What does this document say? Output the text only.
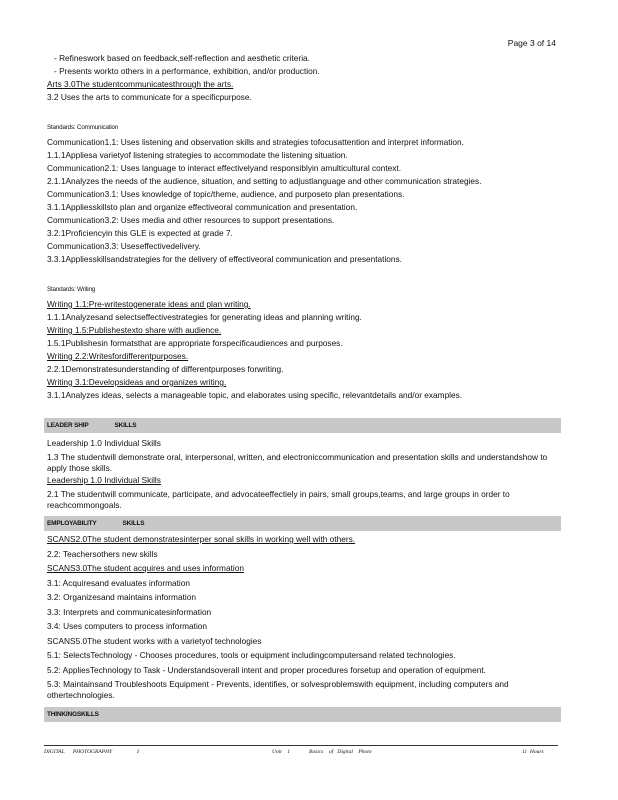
Page 3 of 14
- Refineswork based on feedback,self-reflection and aesthetic criteria.
- Presents workto others in a performance, exhibition, and/or production.
Arts 3.0The studentcommunicatesthrough the arts.
3.2 Uses the arts to communicate for a specificpurpose.
Standards: Communication
Communication1.1: Uses listening and observation skills and strategies tofocusattention and interpret information.
1.1.1Appliesa varietyof listening strategies to accommodate the listening situation.
Communication2.1: Uses language to interact effectivelyand responsiblyin amulticultural context.
2.1.1Analyzes the needs of the audience, situation, and setting to adjustlanguage and other communication strategies.
Communication3.1: Uses knowledge of topic/theme, audience, and purposeto plan presentations.
3.1.1Appliesskillsto plan and organize effectiveoral communication and presentation.
Communication3.2: Uses media and other resources to support presentations.
3.2.1Proficiencyin this GLE is expected at grade 7.
Communication3.3: Useseffectivedelivery.
3.3.1Appliesskillsandstrategies for the delivery of effectiveoral communication and presentations.
Standards: Writing
Writing 1.1:Pre-writestogenerate ideas and plan writing.
1.1.1Analyzesand selectseffectivestrategies for generating ideas and planning writing.
Writing 1.5:Publishestexto share with audience.
1.5.1Publishesin formatsthat are appropriate forspecificaudiences and purposes.
Writing 2.2:Writesfordifferentpurposes.
2.2.1Demonstratesunderstanding of differentpurposes forwriting.
Writing 3.1:Developsideas and organizes writing.
3.1.1Analyzes ideas, selects a manageable topic, and elaborates using specific, relevantdetails and/or examples.
LEADER SHIP	SKILLS
Leadership 1.0 Individual Skills
1.3 The studentwill demonstrate oral, interpersonal, written, and electroniccommunication and presentation skills and understandshow to apply those skills.
Leadership 1.0 Individual Skills
2.1 The studentwill communicate, participate, and advocateeffectiely in pairs, small groups,teams, and large groups in order to reachcommongoals.
EMPLOYABILITY	SKILLS
SCANS2.0The student demonstratesinterper sonal skills in working well with others.
2.2: Teachersothers new skills
SCANS3.0The student acquires and uses information
3.1: Acquiresand evaluates information
3.2: Organizesand maintains information
3.3: Interprets and communicatesinformation
3.4: Uses computers to process information
SCANS5.0The student works with a varietyof technologies
5.1: SelectsTechnology - Chooses procedures, tools or equipment includingcomputersand related technologies.
5.2: AppliesTechnology to Task - Understandsoverall intent and proper procedures forsetup and operation of equipment.
5.3: Maintainsand Troubleshoots Equipment - Prevents, identifies, or solvesproblemswith equipment, including computers and othertechnologies.
THINKINGSKILLS
DIGITAL      PHOTOGRAPHY	I	Unit    1	Basics    of   Digital    Photo	11  Hours
